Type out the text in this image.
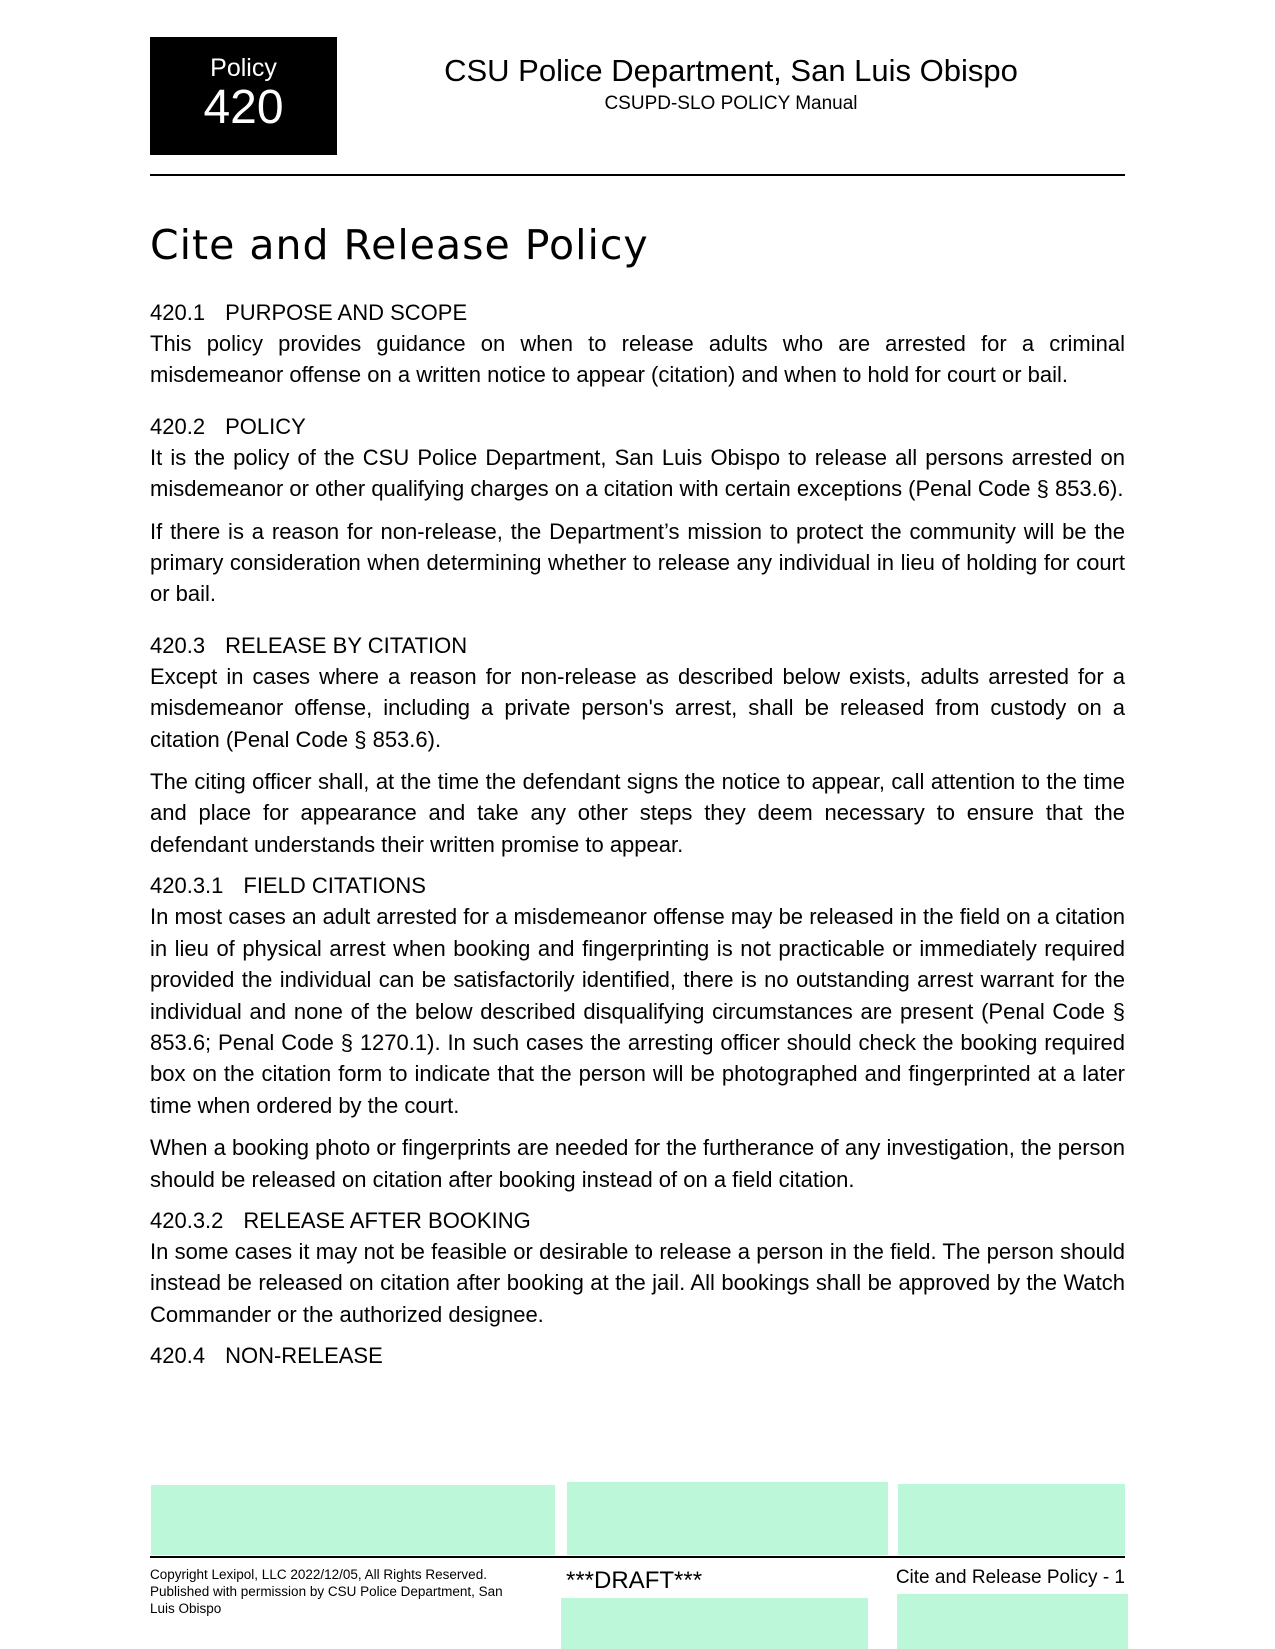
Policy
420
CSU Police Department, San Luis Obispo
CSUPD-SLO POLICY Manual
Cite and Release Policy
420.1 PURPOSE AND SCOPE

This policy provides guidance on when to release adults who are arrested for a criminal misdemeanor offense on a written notice to appear (citation) and when to hold for court or bail.

420.2 POLICY

It is the policy of the CSU Police Department, San Luis Obispo to release all persons arrested on misdemeanor or other qualifying charges on a citation with certain exceptions (Penal Code § 853.6).

If there is a reason for non-release, the Department’s mission to protect the community will be the primary consideration when determining whether to release any individual in lieu of holding for court or bail.

420.3 RELEASE BY CITATION

Except in cases where a reason for non-release as described below exists, adults arrested for a misdemeanor offense, including a private person's arrest, shall be released from custody on a citation (Penal Code § 853.6).

The citing officer shall, at the time the defendant signs the notice to appear, call attention to the time and place for appearance and take any other steps they deem necessary to ensure that the defendant understands their written promise to appear.

420.3.1 FIELD CITATIONS

In most cases an adult arrested for a misdemeanor offense may be released in the field on a citation in lieu of physical arrest when booking and fingerprinting is not practicable or immediately required provided the individual can be satisfactorily identified, there is no outstanding arrest warrant for the individual and none of the below described disqualifying circumstances are present (Penal Code § 853.6; Penal Code § 1270.1). In such cases the arresting officer should check the booking required box on the citation form to indicate that the person will be photographed and fingerprinted at a later time when ordered by the court.

When a booking photo or fingerprints are needed for the furtherance of any investigation, the person should be released on citation after booking instead of on a field citation.

420.3.2 RELEASE AFTER BOOKING

In some cases it may not be feasible or desirable to release a person in the field. The person should instead be released on citation after booking at the jail. All bookings shall be approved by the Watch Commander or the authorized designee.

420.4 NON-RELEASE
Copyright Lexipol, LLC 2022/12/05, All Rights Reserved. Published with permission by CSU Police Department, San Luis Obispo
***DRAFT***	Cite and Release Policy - 1
